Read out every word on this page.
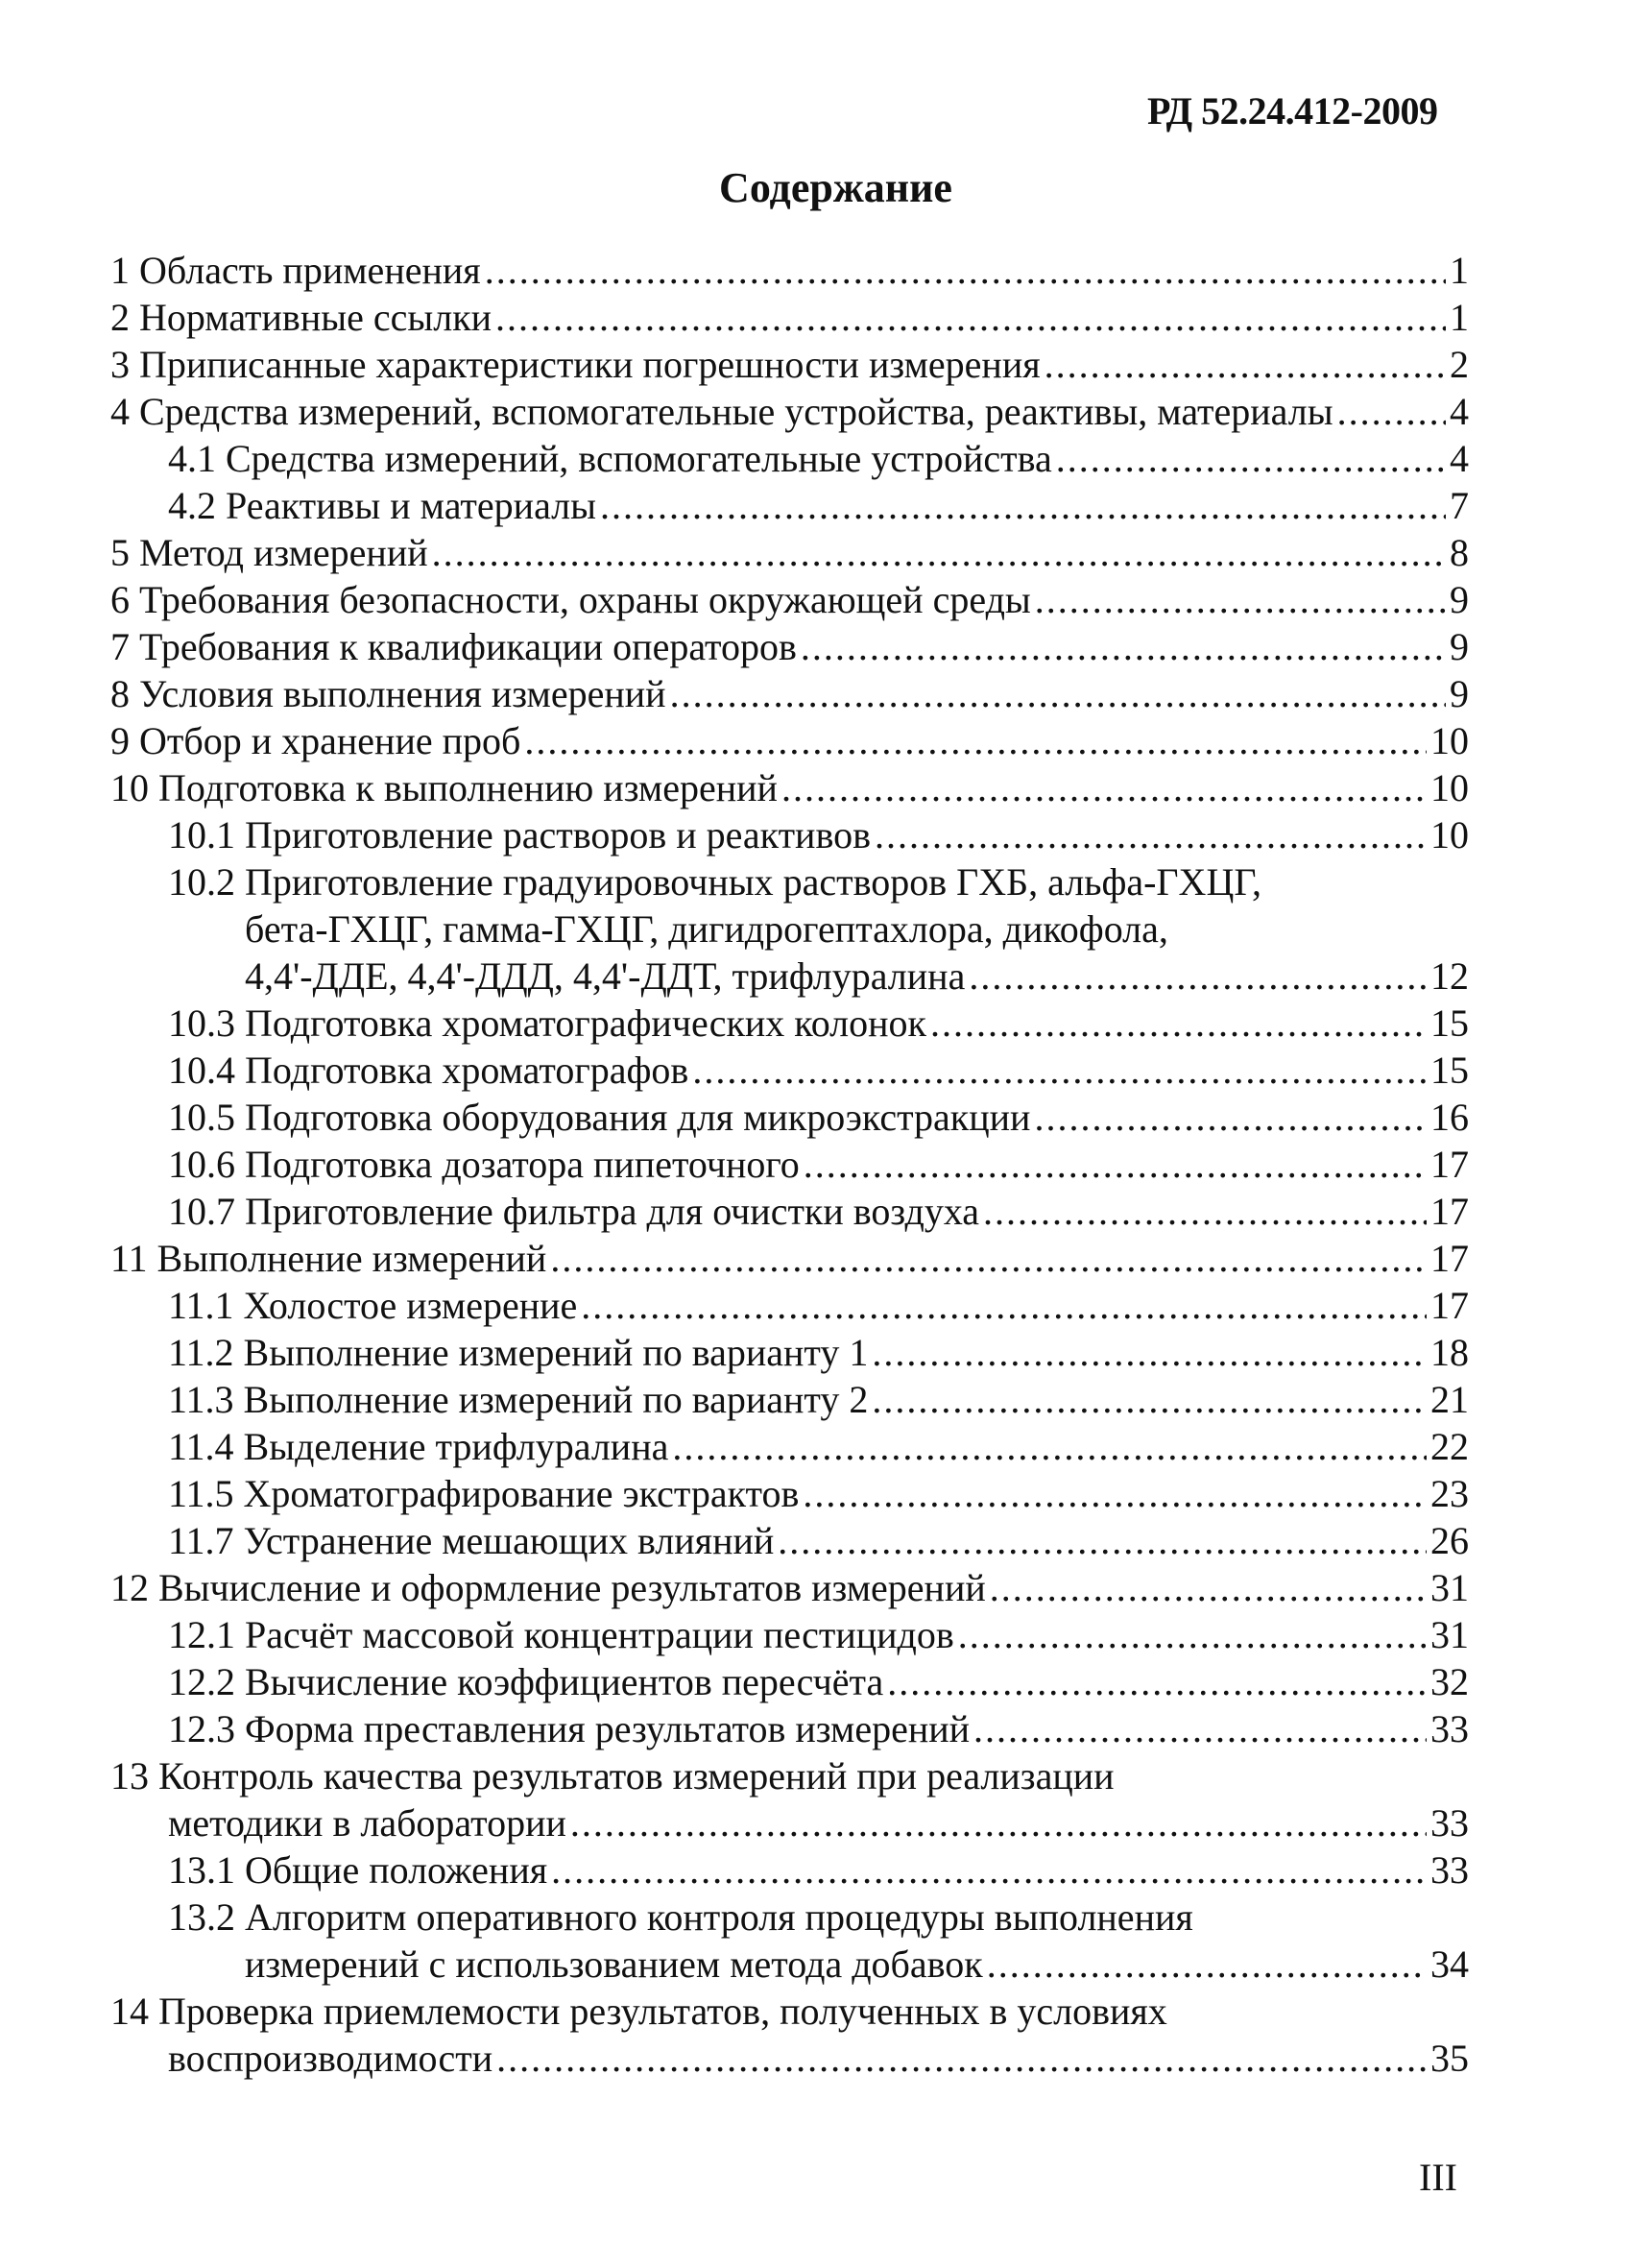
РД 52.24.412-2009
Содержание
1 Область применения .....	1
2 Нормативные ссылки .....	1
3 Приписанные характеристики погрешности измерения .....	2
4 Средства измерений, вспомогательные устройства, реактивы, материалы .....	4
4.1 Средства измерений, вспомогательные устройства .....	4
4.2 Реактивы и материалы .....	7
5 Метод измерений .....	8
6 Требования безопасности, охраны окружающей среды .....	9
7 Требования к квалификации операторов .....	9
8 Условия выполнения измерений .....	9
9 Отбор и хранение проб .....	10
10 Подготовка к выполнению измерений .....	10
10.1 Приготовление растворов и реактивов .....	10
10.2 Приготовление градуировочных растворов ГХБ, альфа-ГХЦГ,
бета-ГХЦГ, гамма-ГХЦГ, дигидрогептахлора, дикофола,
4,4'-ДДЕ, 4,4'-ДДД, 4,4'-ДДТ, трифлуралина .....	12
10.3 Подготовка хроматографических колонок .....	15
10.4 Подготовка хроматографов .....	15
10.5 Подготовка оборудования для микроэкстракции .....	16
10.6 Подготовка дозатора пипеточного .....	17
10.7 Приготовление фильтра для очистки воздуха .....	17
11 Выполнение измерений .....	17
11.1 Холостое измерение .....	17
11.2 Выполнение измерений по варианту 1 .....	18
11.3 Выполнение измерений по варианту 2 .....	21
11.4 Выделение трифлуралина .....	22
11.5 Хроматографирование экстрактов .....	23
11.7 Устранение мешающих влияний .....	26
12 Вычисление и оформление результатов измерений .....	31
12.1 Расчёт массовой концентрации пестицидов .....	31
12.2 Вычисление коэффициентов пересчёта .....	32
12.3 Форма преставления результатов измерений .....	33
13 Контроль качества результатов измерений при реализации
методики в лаборатории .....	33
13.1 Общие положения .....	33
13.2 Алгоритм оперативного контроля процедуры выполнения
измерений с использованием метода добавок .....	34
14 Проверка приемлемости результатов, полученных в условиях
воспроизводимости .....	35
III
